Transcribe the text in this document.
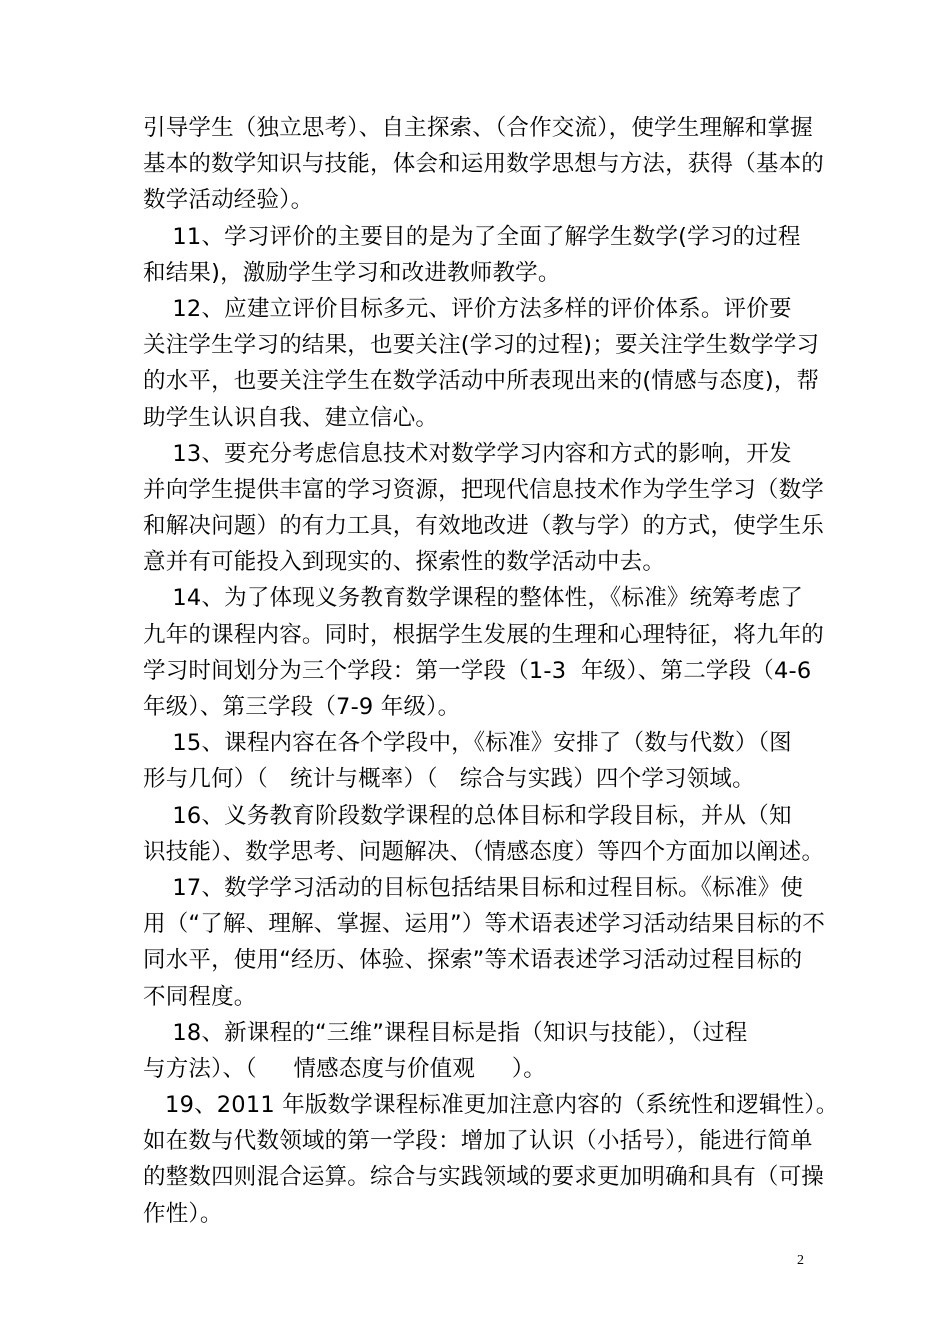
引导学生（独立思考）、自主探索、（合作交流），使学生理解和掌握
基本的数学知识与技能，体会和运用数学思想与方法，获得（基本的
数学活动经验）。
11、学习评价的主要目的是为了全面了解学生数学(学习的过程
和结果)，激励学生学习和改进教师教学。
12、应建立评价目标多元、评价方法多样的评价体系。评价要
关注学生学习的结果，也要关注(学习的过程)；要关注学生数学学习
的水平，也要关注学生在数学活动中所表现出来的(情感与态度)，帮
助学生认识自我、建立信心。
13、要充分考虑信息技术对数学学习内容和方式的影响，开发
并向学生提供丰富的学习资源，把现代信息技术作为学生学习（数学
和解决问题）的有力工具，有效地改进（教与学）的方式，使学生乐
意并有可能投入到现实的、探索性的数学活动中去。
14、为了体现义务教育数学课程的整体性，《标准》统筹考虑了
九年的课程内容。同时，根据学生发展的生理和心理特征，将九年的
学习时间划分为三个学段：第一学段（1-3  年级）、第二学段（4-6
年级）、第三学段（7-9 年级）。
15、课程内容在各个学段中，《标准》安排了（数与代数）（图
形与几何）（   统计与概率）（   综合与实践）四个学习领域。
16、义务教育阶段数学课程的总体目标和学段目标，并从（知
识技能）、数学思考、问题解决、（情感态度）等四个方面加以阐述。
17、数学学习活动的目标包括结果目标和过程目标。《标准》使
用（“了解、理解、掌握、运用”）等术语表述学习活动结果目标的不
同水平，使用“经历、体验、探索”等术语表述学习活动过程目标的
不同程度。
18、新课程的“三维”课程目标是指（知识与技能），（过程
与方法）、（     情感态度与价值观     ）。
19、2011 年版数学课程标准更加注意内容的（系统性和逻辑性）。
如在数与代数领域的第一学段：增加了认识（小括号），能进行简单
的整数四则混合运算。综合与实践领域的要求更加明确和具有（可操
作性）。
2
